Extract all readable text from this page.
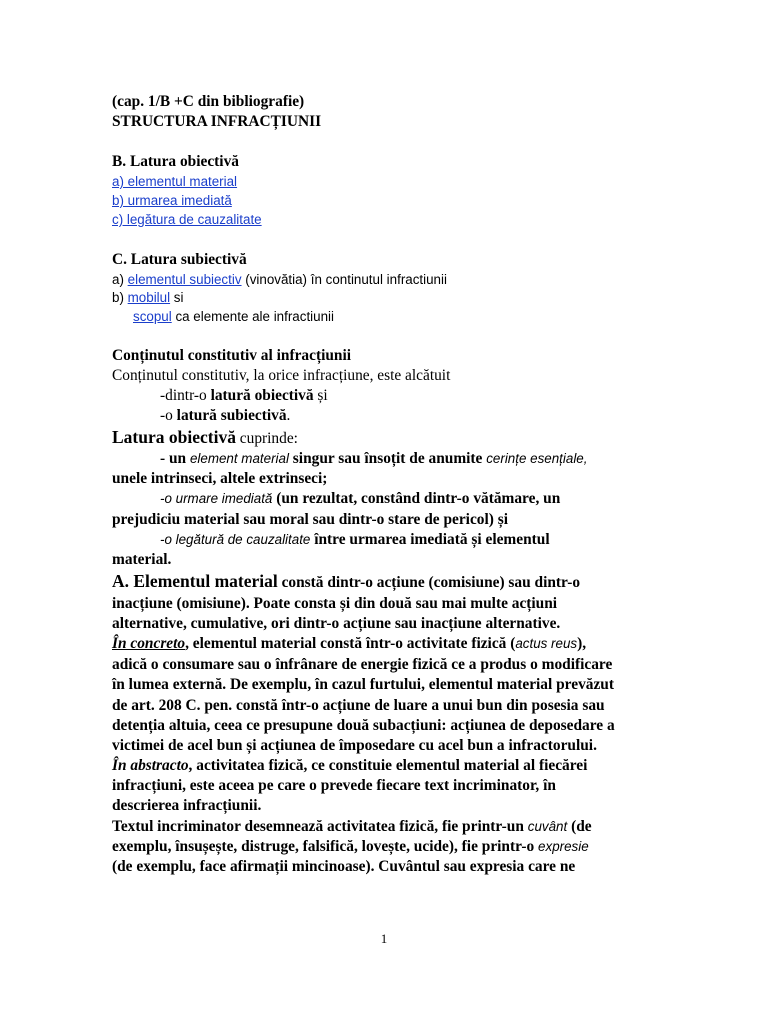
(cap. 1/B +C din bibliografie)
STRUCTURA INFRACȚIUNII
B. Latura obiectivă
a) elementul material
b) urmarea imediată
c) legătura de cauzalitate
C. Latura subiectivă
a) elementul subiectiv (vinovătia) în continutul infractiunii
b) mobilul si
scopul ca elemente ale infractiunii
Conținutul constitutiv al infracțiunii
Conținutul constitutiv, la orice infracțiune, este alcătuit
-dintr-o latură obiectivă și
-o latură subiectivă.
Latura obiectivă cuprinde:
- un element material singur sau însoțit de anumite cerințe esențiale,
unele intrinseci, altele extrinseci;
-o urmare imediată (un rezultat, constând dintr-o vătămare, un
prejudiciu material sau moral sau dintr-o stare de pericol) și
-o legătură de cauzalitate între urmarea imediată și elementul
material.
A. Elementul material constă dintr-o acțiune (comisiune) sau dintr-o
inacțiune (omisiune). Poate consta și din două sau mai multe acțiuni
alternative, cumulative, ori dintr-o acțiune sau inacțiune alternative.
În concreto, elementul material constă într-o activitate fizică (actus reus),
adică o consumare sau o înfrânare de energie fizică ce a produs o modificare
în lumea externă. De exemplu, în cazul furtului, elementul material prevăzut
de art. 208 C. pen. constă într-o acțiune de luare a unui bun din posesia sau
detenția altuia, ceea ce presupune două subacțiuni: acțiunea de deposedare a
victimei de acel bun și acțiunea de împosedare cu acel bun a infractorului.
În abstracto, activitatea fizică, ce constituie elementul material al fiecărei
infracțiuni, este aceea pe care o prevede fiecare text incriminator, în
descrierea infracțiunii.
Textul incriminator desemnează activitatea fizică, fie printr-un cuvânt (de
exemplu, însușește, distruge, falsifică, lovește, ucide), fie printr-o expresie
(de exemplu, face afirmații mincinoase). Cuvântul sau expresia care ne
1
